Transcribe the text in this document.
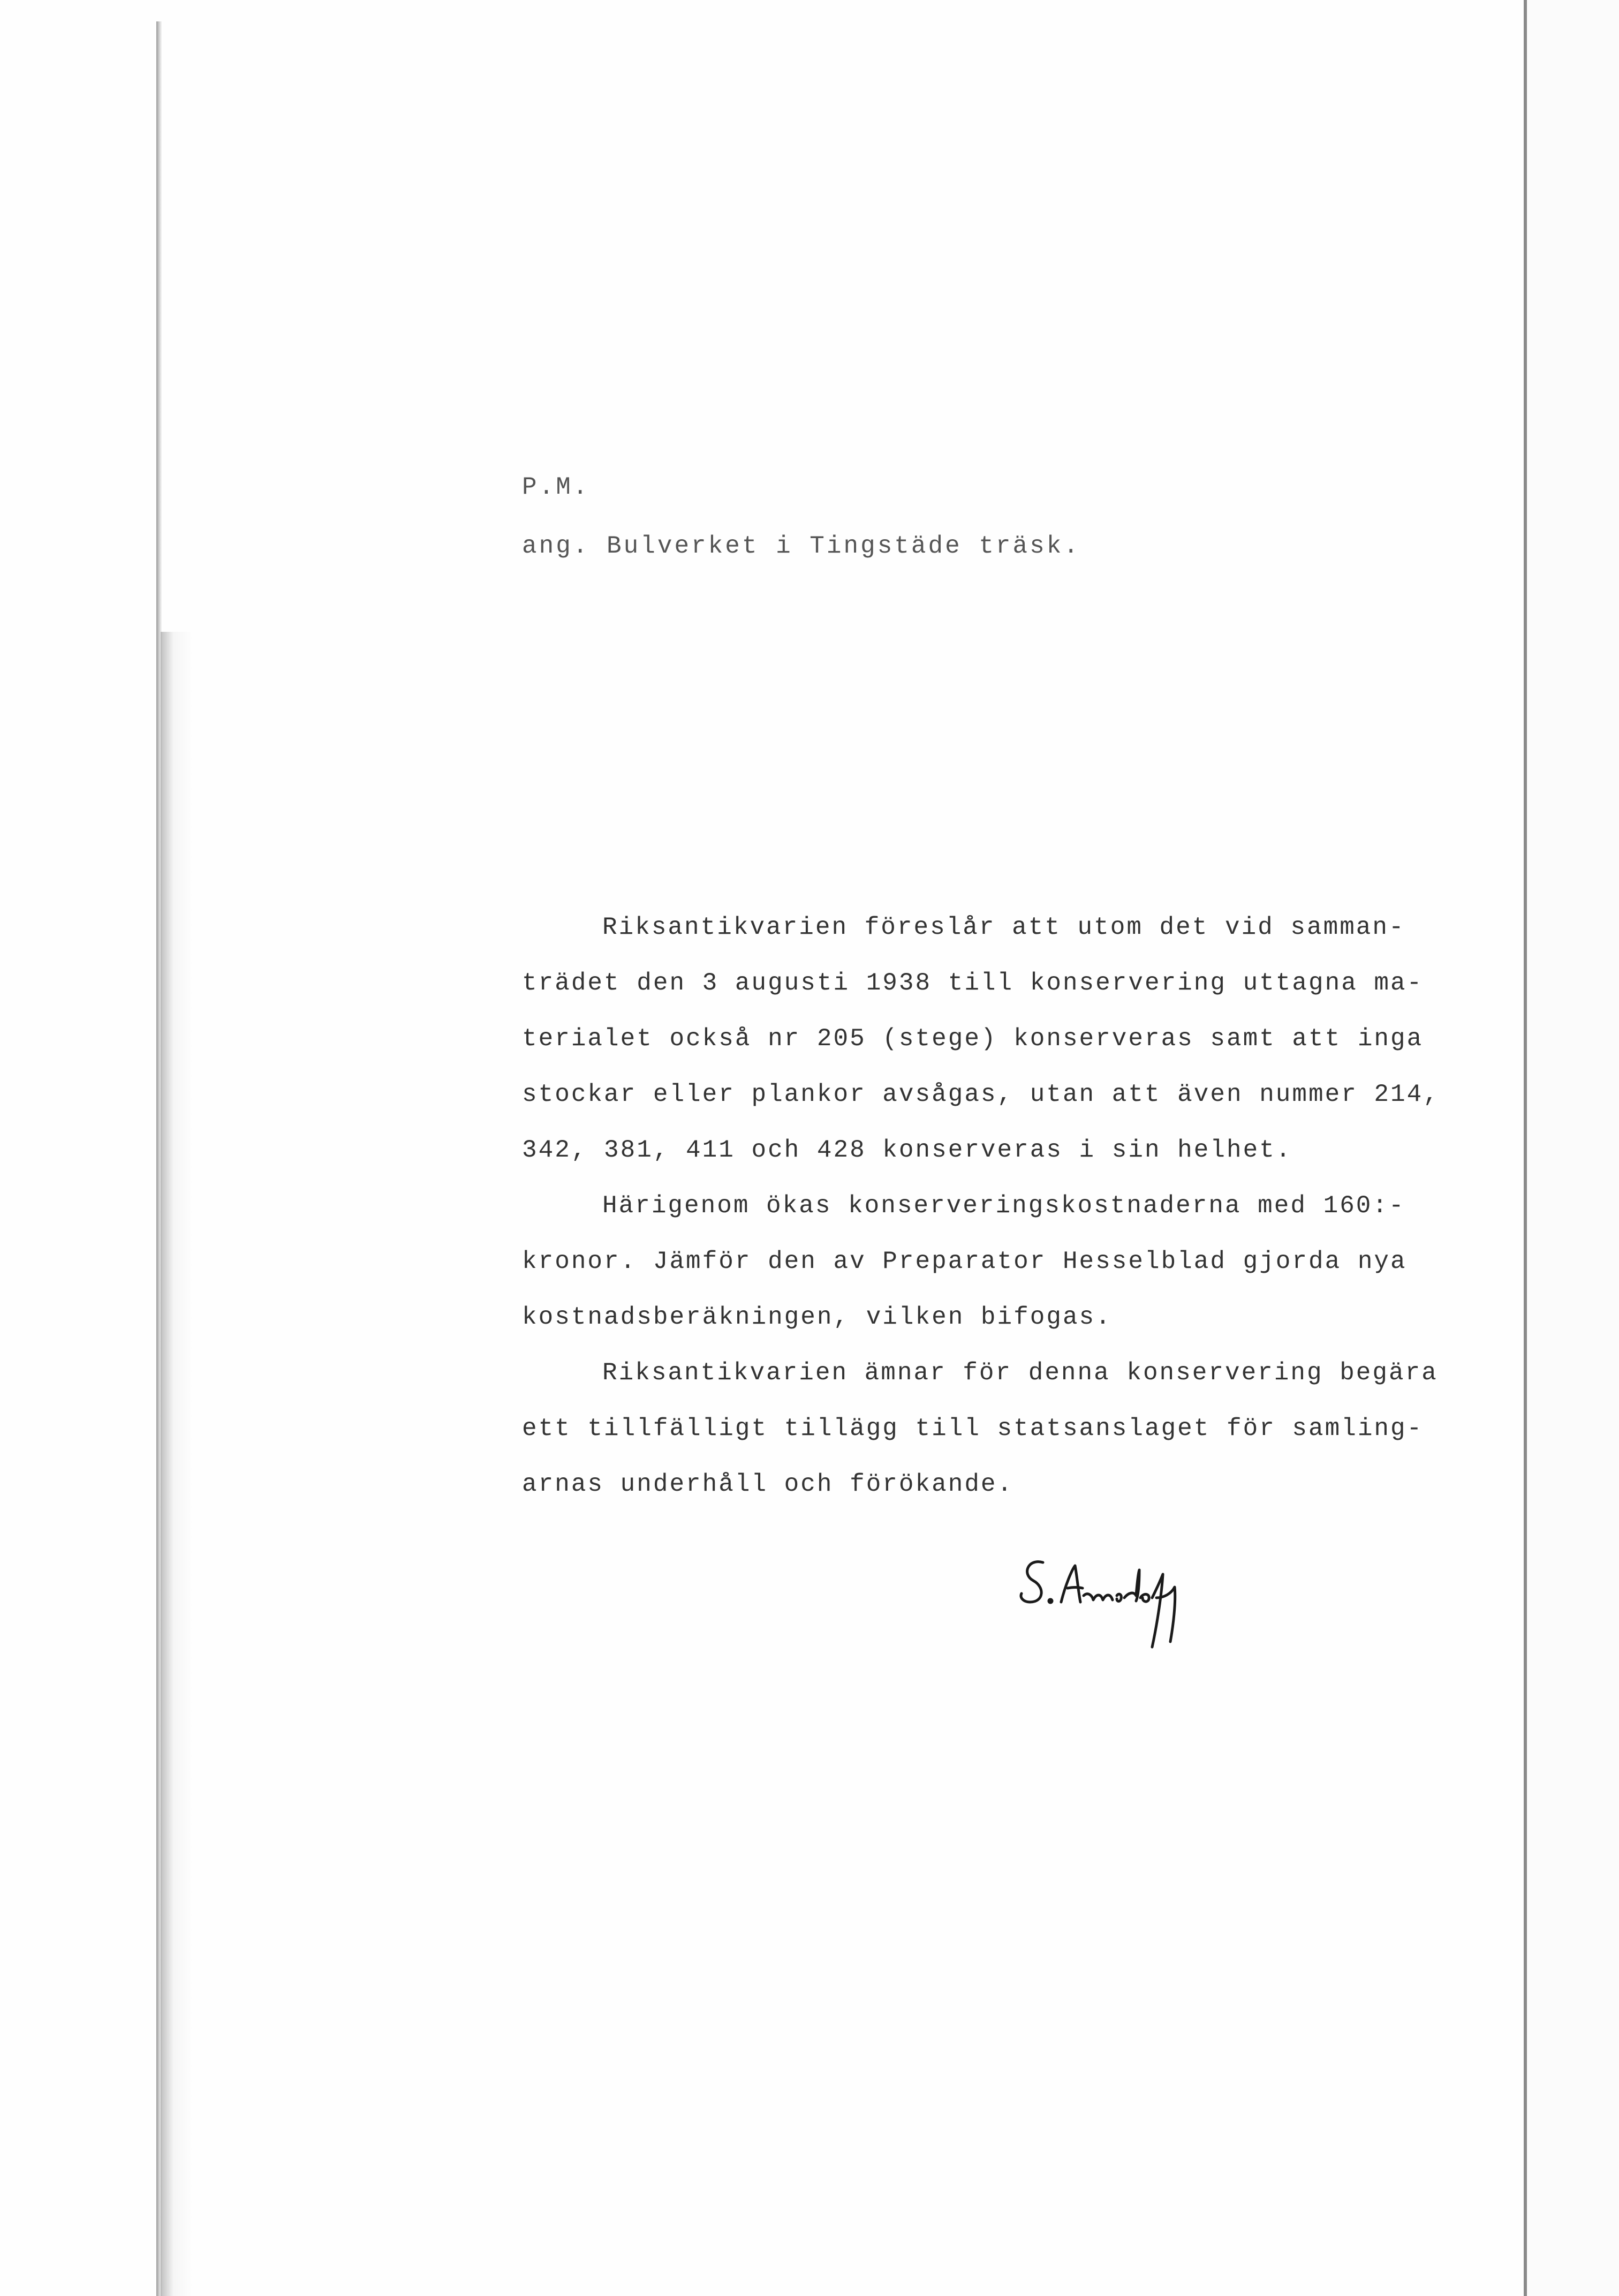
P.M.
ang. Bulverket i Tingstäde träsk.
Riksantikvarien föreslår att utom det vid samman-
trädet den 3 augusti 1938 till konservering uttagna ma-
terialet också nr 205 (stege) konserveras samt att inga
stockar eller plankor avsågas, utan att även nummer 214,
342, 381, 411 och 428 konserveras i sin helhet.
Härigenom ökas konserveringskostnaderna med 160:-
kronor. Jämför den av Preparator Hesselblad gjorda nya
kostnadsberäkningen, vilken bifogas.
Riksantikvarien ämnar för denna konservering begära
ett tillfälligt tillägg till statsanslaget för samling-
arnas underhåll och förökande.
